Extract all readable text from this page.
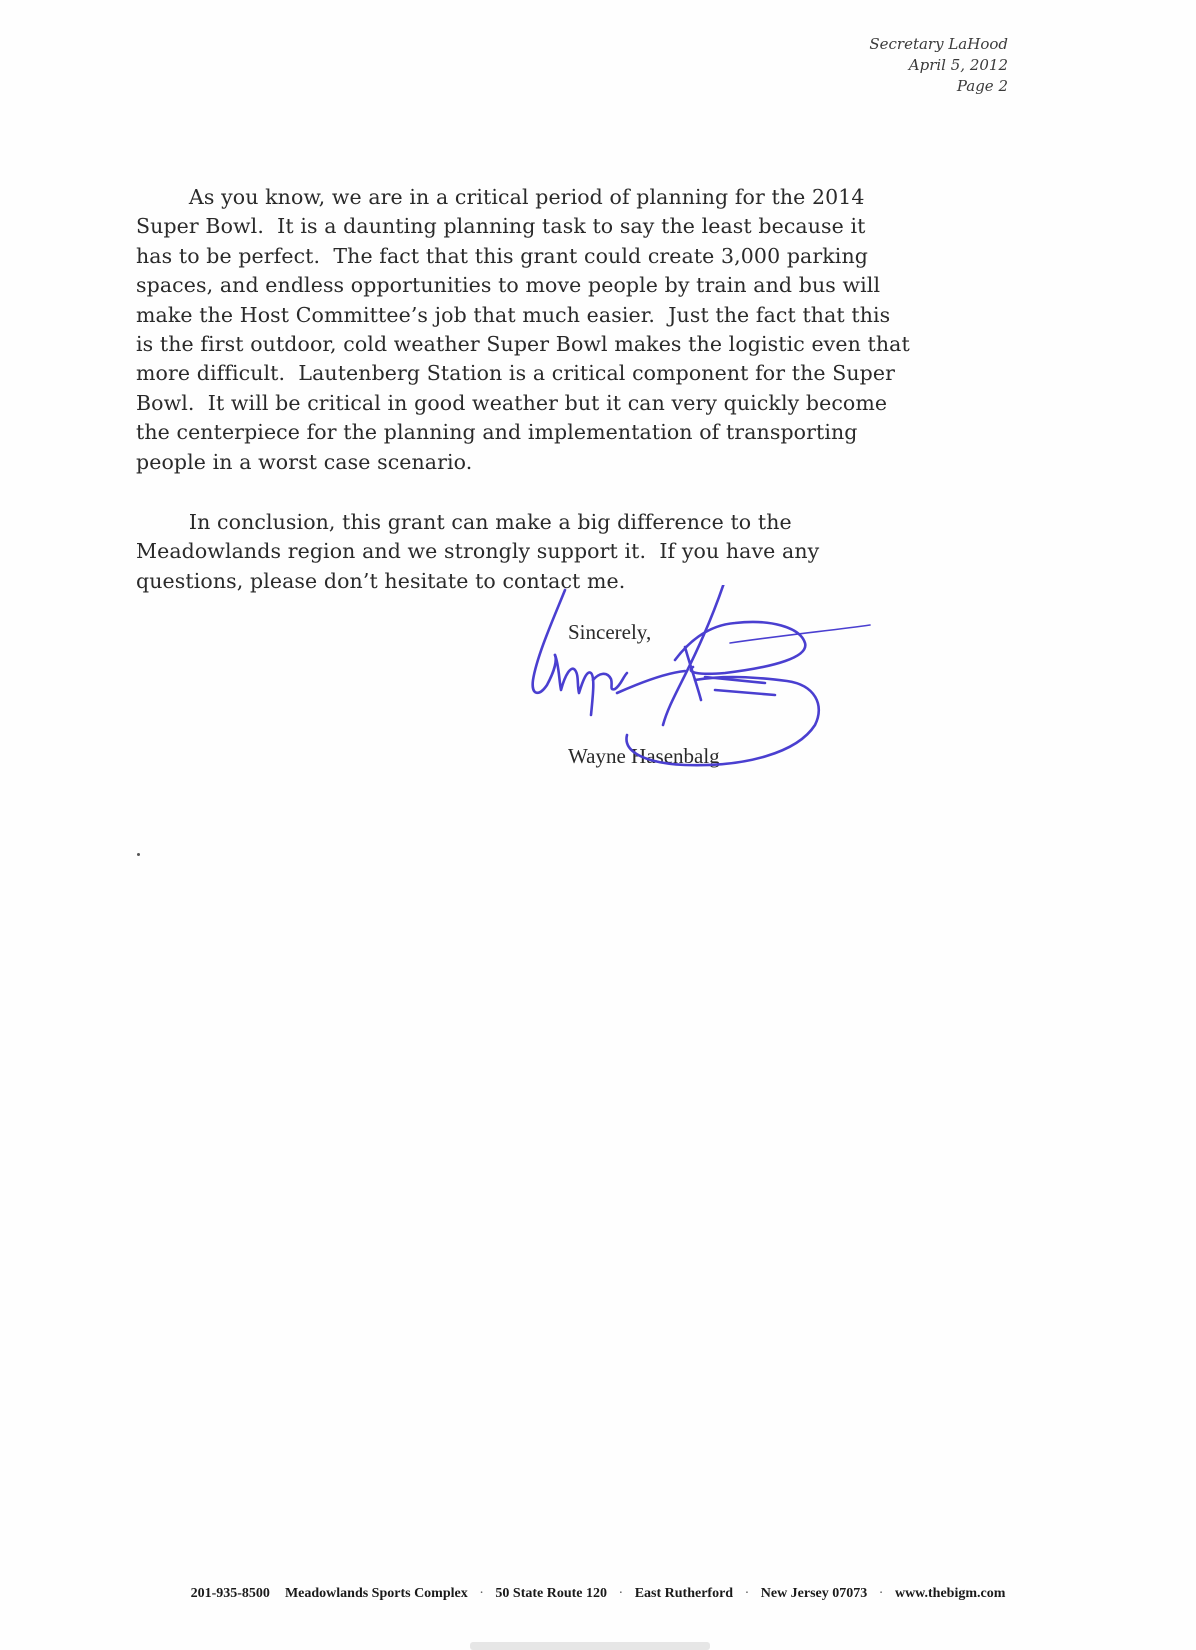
Secretary LaHood
April 5, 2012
Page 2
As you know, we are in a critical period of planning for the 2014
Super Bowl.  It is a daunting planning task to say the least because it
has to be perfect.  The fact that this grant could create 3,000 parking
spaces, and endless opportunities to move people by train and bus will
make the Host Committee’s job that much easier.  Just the fact that this
is the first outdoor, cold weather Super Bowl makes the logistic even that
more difficult.  Lautenberg Station is a critical component for the Super
Bowl.  It will be critical in good weather but it can very quickly become
the centerpiece for the planning and implementation of transporting
people in a worst case scenario.
In conclusion, this grant can make a big difference to the
Meadowlands region and we strongly support it.  If you have any
questions, please don’t hesitate to contact me.
Sincerely,
Wayne Hasenbalg
201-935-8500 Meadowlands Sports Complex · 50 State Route 120 · East Rutherford · New Jersey 07073 · www.thebigm.com
